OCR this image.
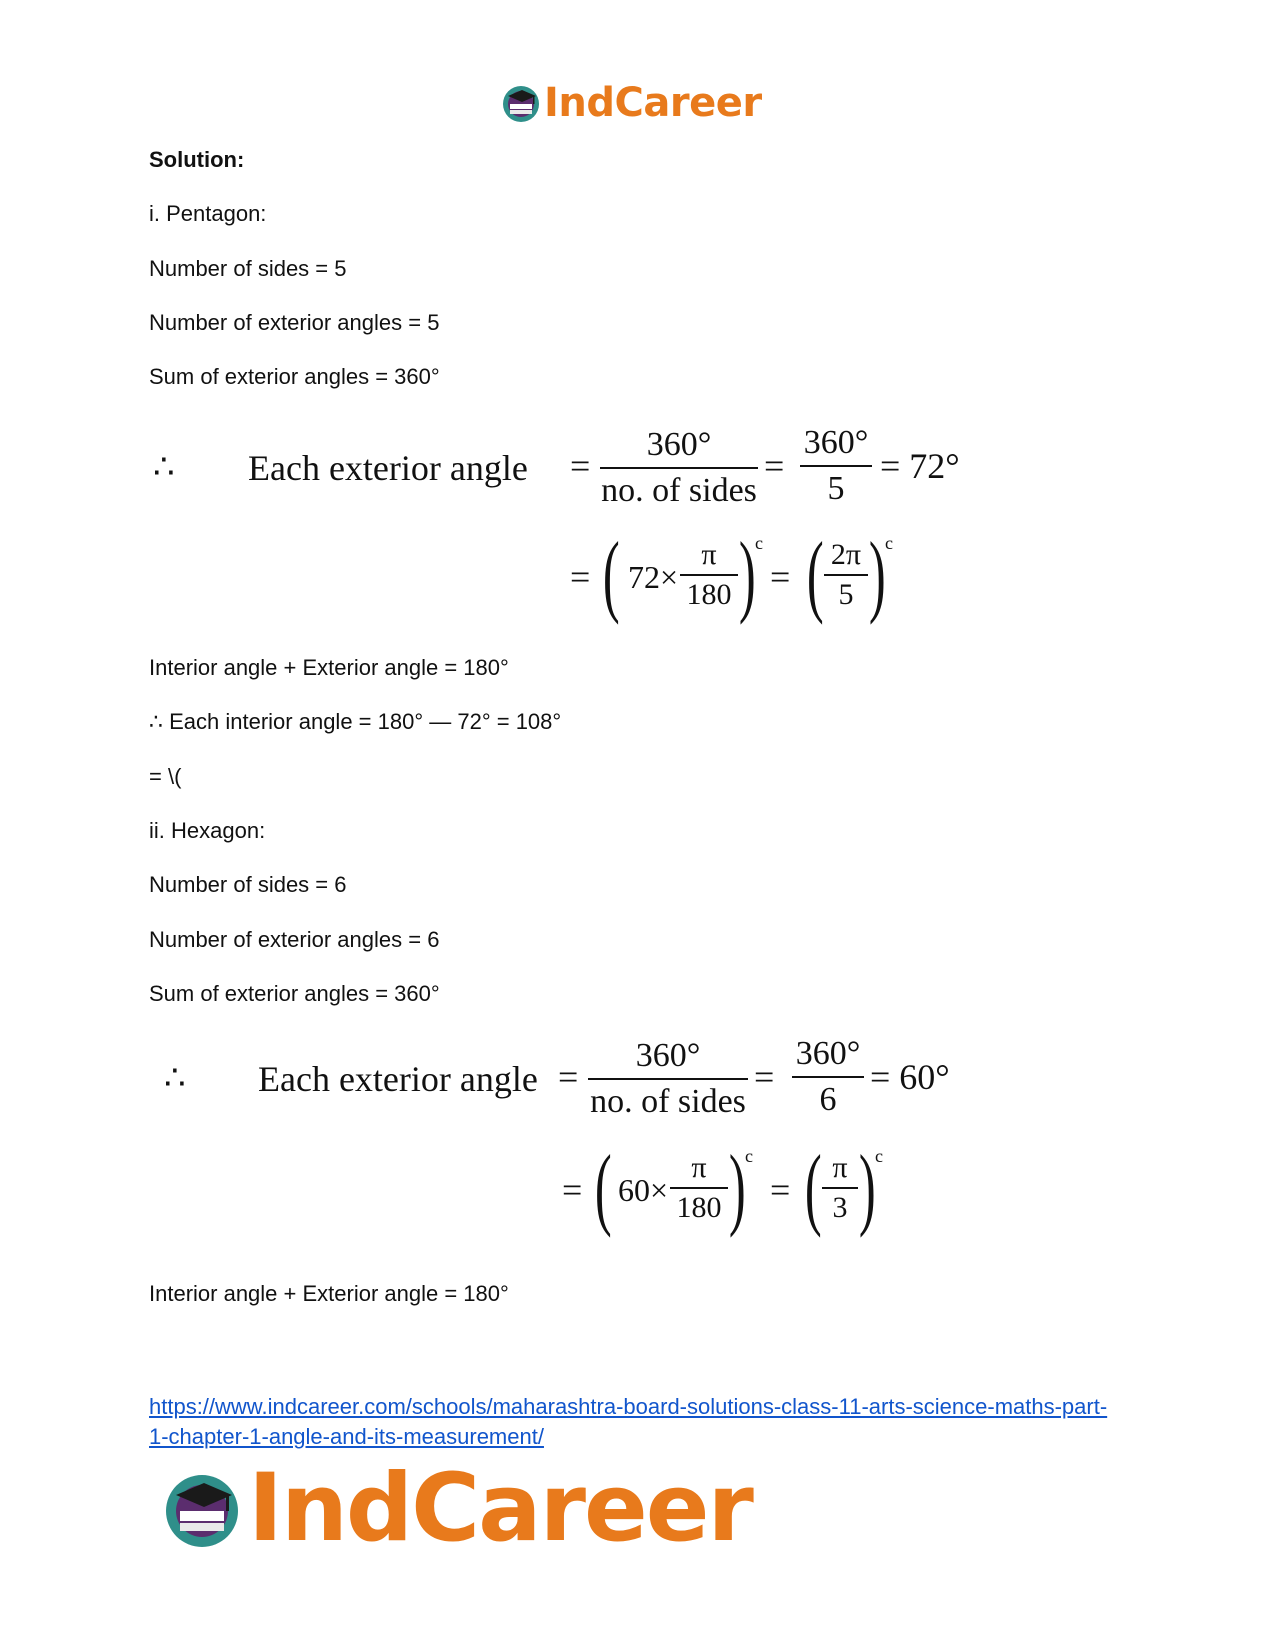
IndCareer
Solution:
i. Pentagon:
Number of sides = 5
Number of exterior angles = 5
Sum of exterior angles = 360°
∴ Each exterior angle =
360°
no. of sides
=
360°
5
= 72°
= ( 72×
π
180 ) c
= ( 2π
5 ) c
Interior angle + Exterior angle = 180°
∴ Each interior angle = 180° — 72° = 108°
= \(
ii. Hexagon:
Number of sides = 6
Number of exterior angles = 6
Sum of exterior angles = 360°
∴ Each exterior angle =
360°
no. of sides
=
360°
6
= 60°
= ( 60×
π
180 ) c
= ( π
3 ) c
Interior angle + Exterior angle = 180°
https://www.indcareer.com/schools/maharashtra-board-solutions-class-11-arts-science-maths-part-1-chapter-1-angle-and-its-measurement/
IndCareer
